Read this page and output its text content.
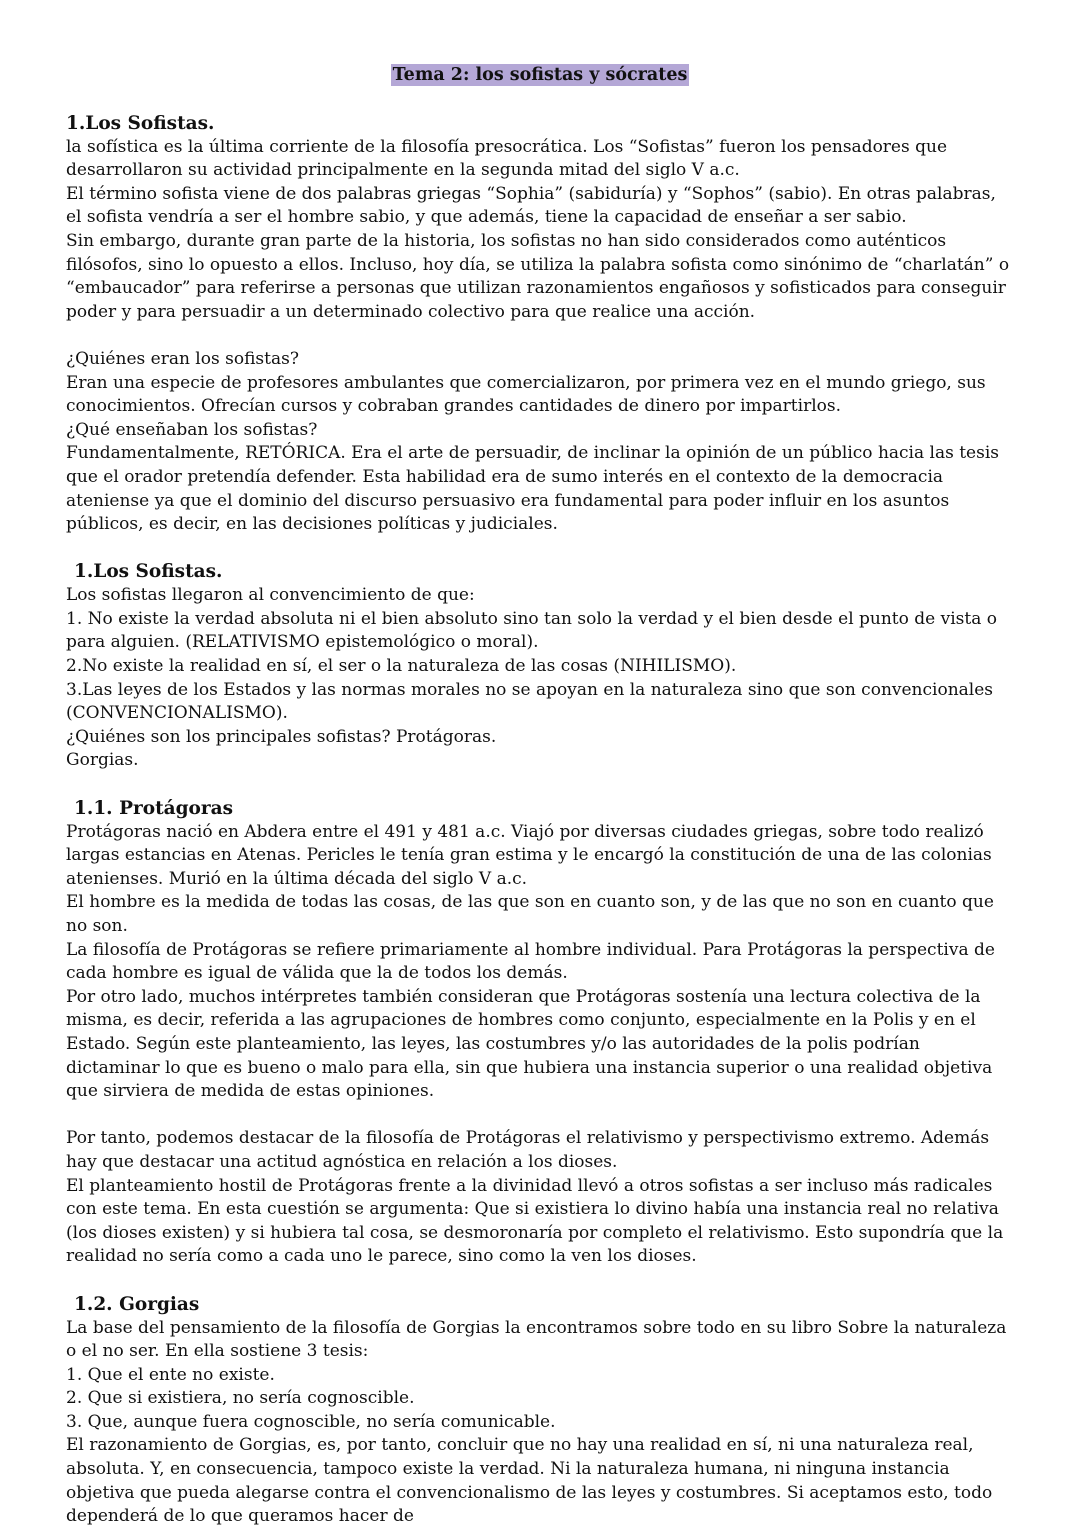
Tema 2: los sofistas y sócrates

1.Los Sofistas.

la sofística es la última corriente de la filosofía presocrática. Los “Sofistas” fueron los pensadores que desarrollaron su actividad principalmente en la segunda mitad del siglo V a.c.

El término sofista viene de dos palabras griegas “Sophia” (sabiduría) y “Sophos” (sabio). En otras palabras, el sofista vendría a ser el hombre sabio, y que además, tiene la capacidad de enseñar a ser sabio.

Sin embargo, durante gran parte de la historia, los sofistas no han sido considerados como auténticos filósofos, sino lo opuesto a ellos. Incluso, hoy día, se utiliza la palabra sofista como sinónimo de “charlatán” o “embaucador” para referirse a personas que utilizan razonamientos engañosos y sofisticados para conseguir poder y para persuadir a un determinado colectivo para que realice una acción.

¿Quiénes eran los sofistas?

Eran una especie de profesores ambulantes que comercializaron, por primera vez en el mundo griego, sus conocimientos. Ofrecían cursos y cobraban grandes cantidades de dinero por impartirlos.

¿Qué enseñaban los sofistas?

Fundamentalmente, RETÓRICA. Era el arte de persuadir, de inclinar la opinión de un público hacia las tesis que el orador pretendía defender. Esta habilidad era de sumo interés en el contexto de la democracia ateniense ya que el dominio del discurso persuasivo era fundamental para poder influir en los asuntos públicos, es decir, en las decisiones políticas y judiciales.

1.Los Sofistas.

Los sofistas llegaron al convencimiento de que:

1. No existe la verdad absoluta ni el bien absoluto sino tan solo la verdad y el bien desde el punto de vista o para alguien. (RELATIVISMO epistemológico o moral).

2.No existe la realidad en sí, el ser o la naturaleza de las cosas (NIHILISMO).

3.Las leyes de los Estados y las normas morales no se apoyan en la naturaleza sino que son convencionales (CONVENCIONALISMO).

¿Quiénes son los principales sofistas? Protágoras.

Gorgias.

1.1. Protágoras

Protágoras nació en Abdera entre el 491 y 481 a.c. Viajó por diversas ciudades griegas, sobre todo realizó largas estancias en Atenas. Pericles le tenía gran estima y le encargó la constitución de una de las colonias atenienses. Murió en la última década del siglo V a.c.

El hombre es la medida de todas las cosas, de las que son en cuanto son, y de las que no son en cuanto que no son.

La filosofía de Protágoras se refiere primariamente al hombre individual. Para Protágoras la perspectiva de cada hombre es igual de válida que la de todos los demás.

Por otro lado, muchos intérpretes también consideran que Protágoras sostenía una lectura colectiva de la misma, es decir, referida a las agrupaciones de hombres como conjunto, especialmente en la Polis y en el Estado. Según este planteamiento, las leyes, las costumbres y/o las autoridades de la polis podrían dictaminar lo que es bueno o malo para ella, sin que hubiera una instancia superior o una realidad objetiva que sirviera de medida de estas opiniones.

Por tanto, podemos destacar de la filosofía de Protágoras el relativismo y perspectivismo extremo. Además hay que destacar una actitud agnóstica en relación a los dioses.

El planteamiento hostil de Protágoras frente a la divinidad llevó a otros sofistas a ser incluso más radicales con este tema. En esta cuestión se argumenta: Que si existiera lo divino había una instancia real no relativa (los dioses existen) y si hubiera tal cosa, se desmoronaría por completo el relativismo. Esto supondría que la realidad no sería como a cada uno le parece, sino como la ven los dioses.

1.2. Gorgias

La base del pensamiento de la filosofía de Gorgias la encontramos sobre todo en su libro Sobre la naturaleza o el no ser. En ella sostiene 3 tesis:

1. Que el ente no existe.

2. Que si existiera, no sería cognoscible.

3. Que, aunque fuera cognoscible, no sería comunicable.

El razonamiento de Gorgias, es, por tanto, concluir que no hay una realidad en sí, ni una naturaleza real, absoluta. Y, en consecuencia, tampoco existe la verdad. Ni la naturaleza humana, ni ninguna instancia objetiva que pueda alegarse contra el convencionalismo de las leyes y costumbres. Si aceptamos esto, todo dependerá de lo que queramos hacer de
